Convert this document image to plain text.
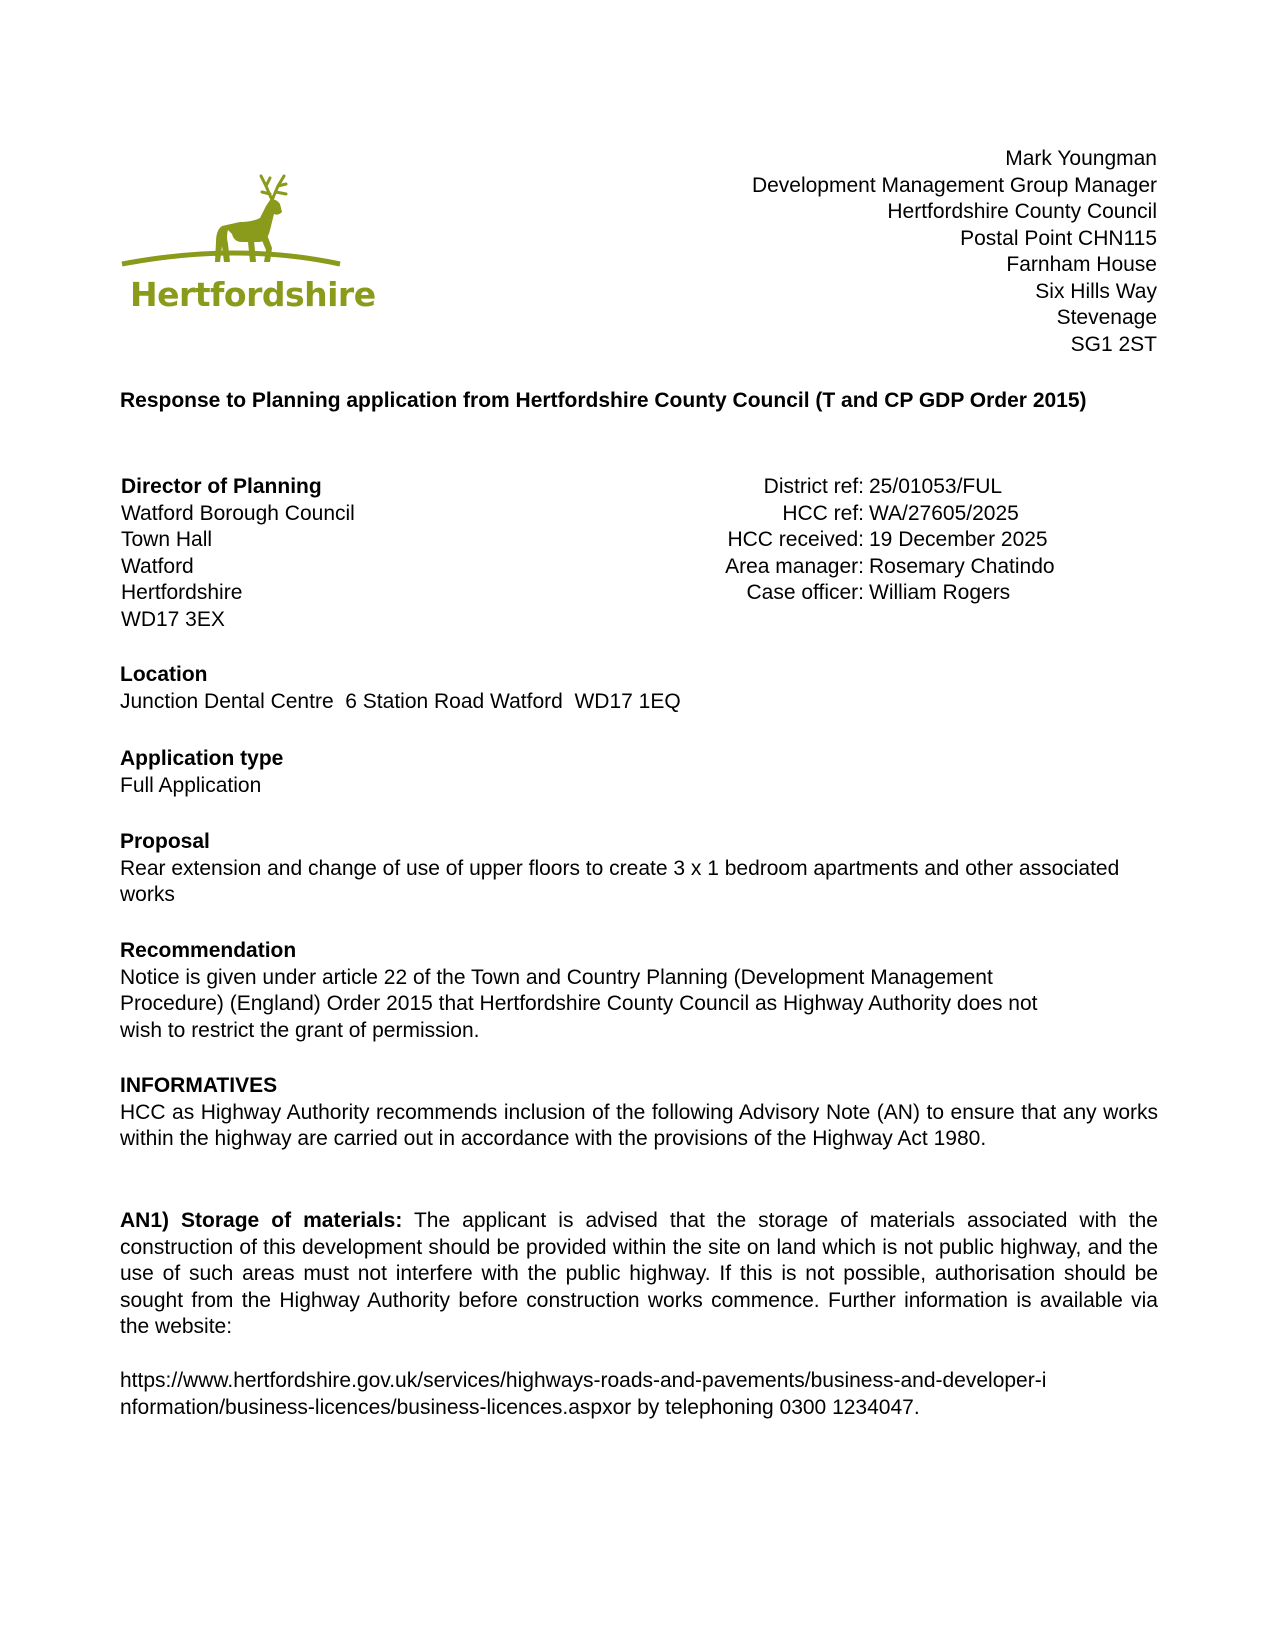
Hertfordshire
Mark Youngman
Development Management Group Manager
Hertfordshire County Council
Postal Point CHN115
Farnham House
Six Hills Way
Stevenage
SG1 2ST
Response to Planning application from Hertfordshire County Council (T and CP GDP Order 2015)
Director of Planning
Watford Borough Council
Town Hall
Watford
Hertfordshire
WD17 3EX
District ref: 25/01053/FUL
HCC ref: WA/27605/2025
HCC received: 19 December 2025
Area manager: Rosemary Chatindo
Case officer: William Rogers
Location
Junction Dental Centre  6 Station Road Watford  WD17 1EQ
Application type
Full Application
Proposal
Rear extension and change of use of upper floors to create 3 x 1 bedroom apartments and other associated works
Recommendation
Notice is given under article 22 of the Town and Country Planning (Development Management
Procedure) (England) Order 2015 that Hertfordshire County Council as Highway Authority does not
wish to restrict the grant of permission.
INFORMATIVES
HCC as Highway Authority recommends inclusion of the following Advisory Note (AN) to ensure that any works within the highway are carried out in accordance with the provisions of the Highway Act 1980.
AN1) Storage of materials: The applicant is advised that the storage of materials associated with the construction of this development should be provided within the site on land which is not public highway, and the use of such areas must not interfere with the public highway. If this is not possible, authorisation should be sought from the Highway Authority before construction works commence. Further information is available via the website:
https://www.hertfordshire.gov.uk/services/highways-roads-and-pavements/business-and-developer-i
nformation/business-licences/business-licences.aspxor by telephoning 0300 1234047.
